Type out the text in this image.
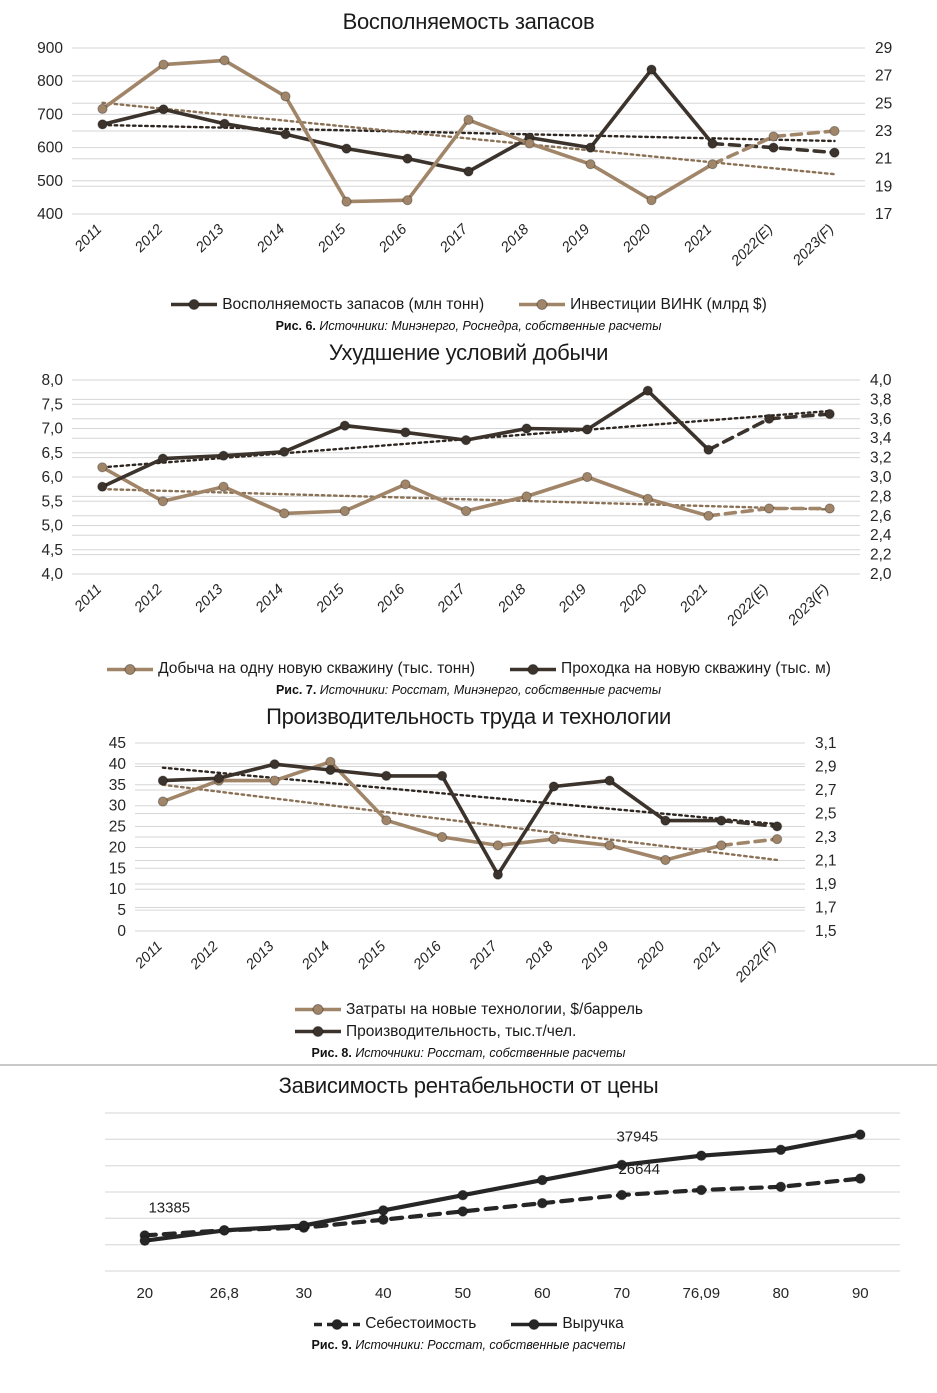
Восполняемость запасов
900
800
700
600
500
400
29
27
25
23
21
19
17
2011 2012 2013 2014 2015 2016 2017 2018 2019 2020 2021 2022(E) 2023(F)
Восполняемость запасов (млн тонн)	Инвестиции ВИНК (млрд $)
Рис. 6. Источники: Минэнерго, Роснедра, собственные расчеты
Ухудшение условий добычи
8,0
7,5
7,0
6,5
6,0
5,5
5,0
4,5
4,0
4,0
3,8
3,6
3,4
3,2
3,0
2,8
2,6
2,4
2,2
2,0
2011 2012 2013 2014 2015 2016 2017 2018 2019 2020 2021 2022(E) 2023(F)
Добыча на одну новую скважину (тыс. тонн)	Проходка на новую скважину (тыс. м)
Рис. 7. Источники: Росстат, Минэнерго, собственные расчеты
Производительность труда и технологии
45
40
35
30
25
20
15
10
5
0
3,1
2,9
2,7
2,5
2,3
2,1
1,9
1,7
1,5
2011 2012 2013 2014 2015 2016 2017 2018 2019 2020 2021 2022(F)
Затраты на новые технологии, $/баррель
Производительность, тыс.т/чел.
Рис. 8. Источники: Росстат, собственные расчеты
Зависимость рентабельности от цены
20	26,8	30	40	50	60	70	76,09	80	90
13385
26644
37945
Себестоимость	Выручка
Рис. 9. Источники: Росстат, собственные расчеты
